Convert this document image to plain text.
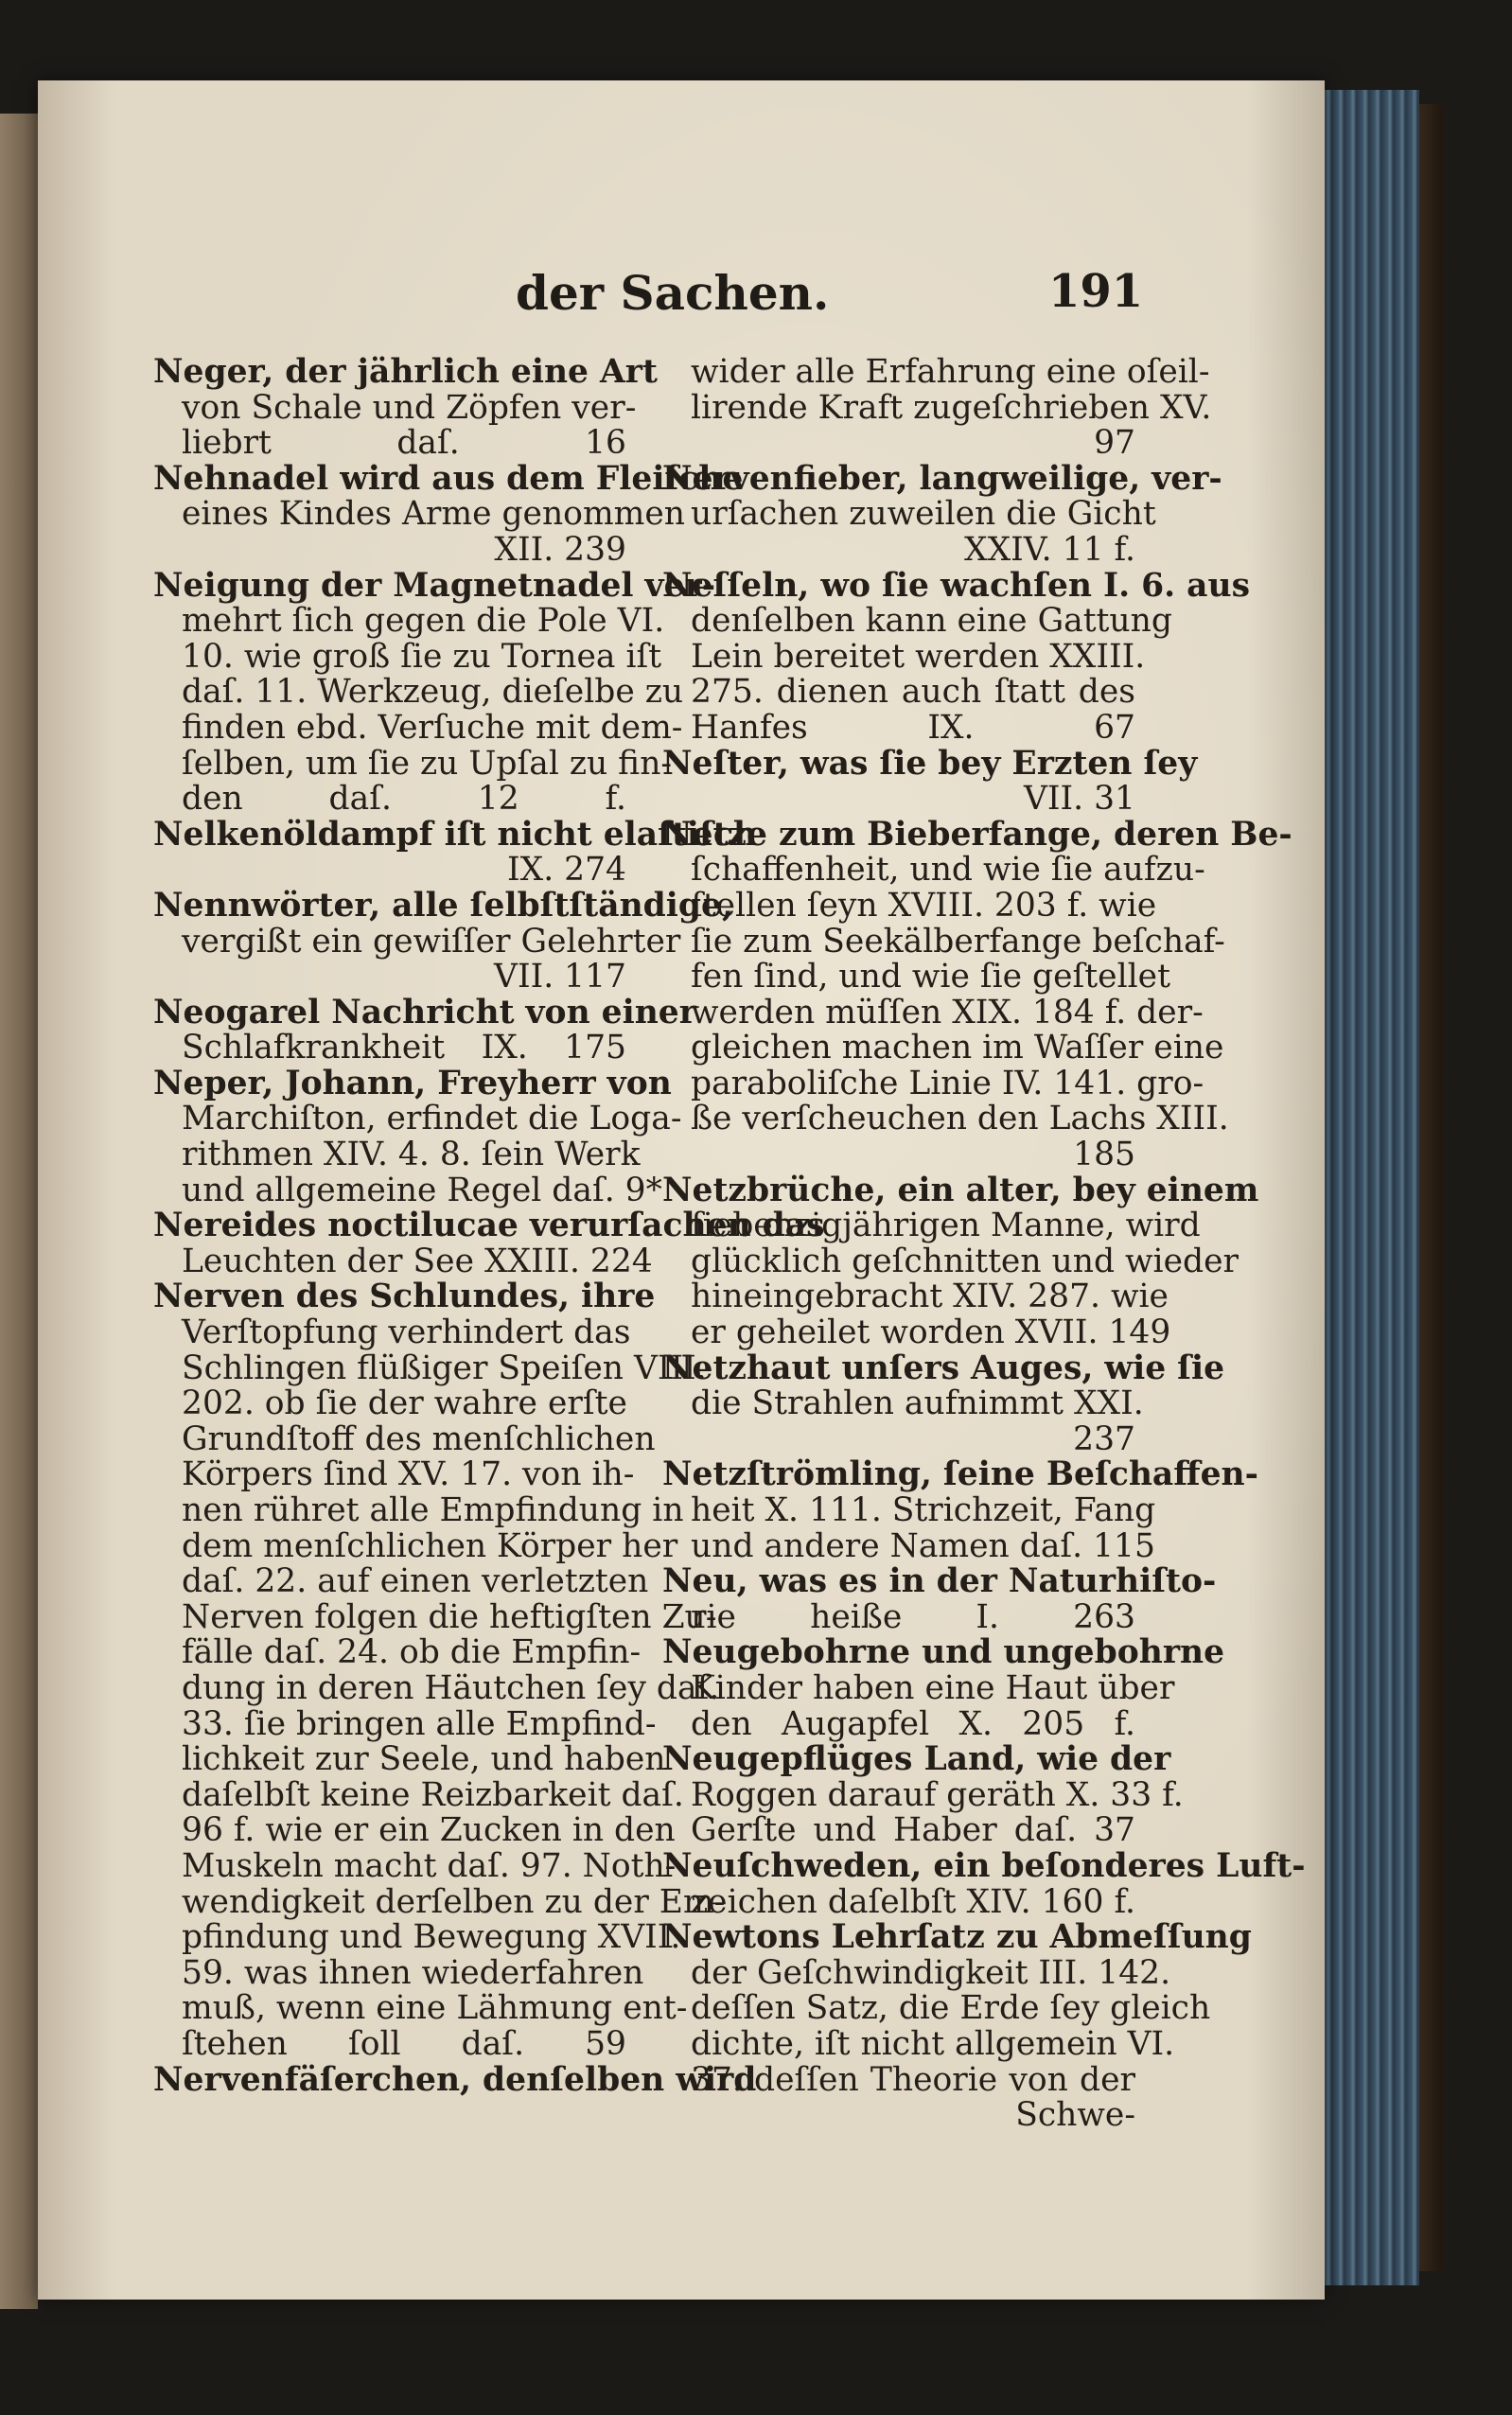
der Sachen.	191
Neger, der jährlich eine Art
von Schale und Zöpfen ver-
liebrt daſ. 16
Nehnadel wird aus dem Fleiſche
eines Kindes Arme genommen
XII. 239
Neigung der Magnetnadel ver-
mehrt ſich gegen die Pole VI.
10. wie groß ſie zu Tornea iſt
daſ. 11. Werkzeug, dieſelbe zu
finden ebd. Verſuche mit dem-
ſelben, um ſie zu Upſal zu fin-
den daſ. 12 f.
Nelkenöldampf iſt nicht elaſtiſch
IX. 274
Nennwörter, alle ſelbſtſtändige,
vergißt ein gewiſſer Gelehrter
VII. 117
Neogarel Nachricht von einer
Schlafkrankheit IX. 175
Neper, Johann, Freyherr von
Marchiſton, erfindet die Loga-
rithmen XIV. 4. 8. ſein Werk
und allgemeine Regel daſ. 9*
Nereides noctilucae verurſachen das
Leuchten der See XXIII. 224
Nerven des Schlundes, ihre
Verſtopfung verhindert das
Schlingen flüßiger Speiſen VIII.
202. ob ſie der wahre erſte
Grundſtoff des menſchlichen
Körpers ſind XV. 17. von ih-
nen rühret alle Empfindung in
dem menſchlichen Körper her
daſ. 22. auf einen verletzten
Nerven folgen die heftigſten Zu-
fälle daſ. 24. ob die Empfin-
dung in deren Häutchen ſey daſ.
33. ſie bringen alle Empfind-
lichkeit zur Seele, und haben
daſelbſt keine Reizbarkeit daſ.
96 f. wie er ein Zucken in den
Muskeln macht daſ. 97. Noth-
wendigkeit derſelben zu der Em-
pfindung und Bewegung XVII.
59. was ihnen wiederfahren
muß, wenn eine Lähmung ent-
ſtehen ſoll daſ. 59
Nervenfäſerchen, denſelben wird
wider alle Erfahrung eine oſeil-
lirende Kraft zugeſchrieben XV.
97
Nervenfieber, langweilige, ver-
urſachen zuweilen die Gicht
XXIV. 11 f.
Neſſeln, wo ſie wachſen I. 6. aus
denſelben kann eine Gattung
Lein bereitet werden XXIII.
275. dienen auch ſtatt des
Hanfes IX. 67
Neſter, was ſie bey Erzten ſey
VII. 31
Netze zum Bieberfange, deren Be-
ſchaffenheit, und wie ſie aufzu-
ſtellen ſeyn XVIII. 203 f. wie
ſie zum Seekälberfange beſchaf-
fen ſind, und wie ſie geſtellet
werden müſſen XIX. 184 f. der-
gleichen machen im Waſſer eine
paraboliſche Linie IV. 141. gro-
ße verſcheuchen den Lachs XIII.
185
Netzbrüche, ein alter, bey einem
ſiebenzigjährigen Manne, wird
glücklich geſchnitten und wieder
hineingebracht XIV. 287. wie
er geheilet worden XVII. 149
Netzhaut unſers Auges, wie ſie
die Strahlen aufnimmt XXI.
237
Netzſtrömling, ſeine Beſchaffen-
heit X. 111. Strichzeit, Fang
und andere Namen daſ. 115
Neu, was es in der Naturhiſto-
rie heiße I. 263
Neugebohrne und ungebohrne
Kinder haben eine Haut über
den Augapfel X. 205 f.
Neugepflüges Land, wie der
Roggen darauf geräth X. 33 f.
Gerſte und Haber daſ. 37
Neuſchweden, ein beſonderes Luft-
zeichen daſelbſt XIV. 160 f.
Newtons Lehrſatz zu Abmeſſung
der Geſchwindigkeit III. 142.
deſſen Satz, die Erde ſey gleich
dichte, iſt nicht allgemein VI.
37. deſſen Theorie von der
Schwe-
